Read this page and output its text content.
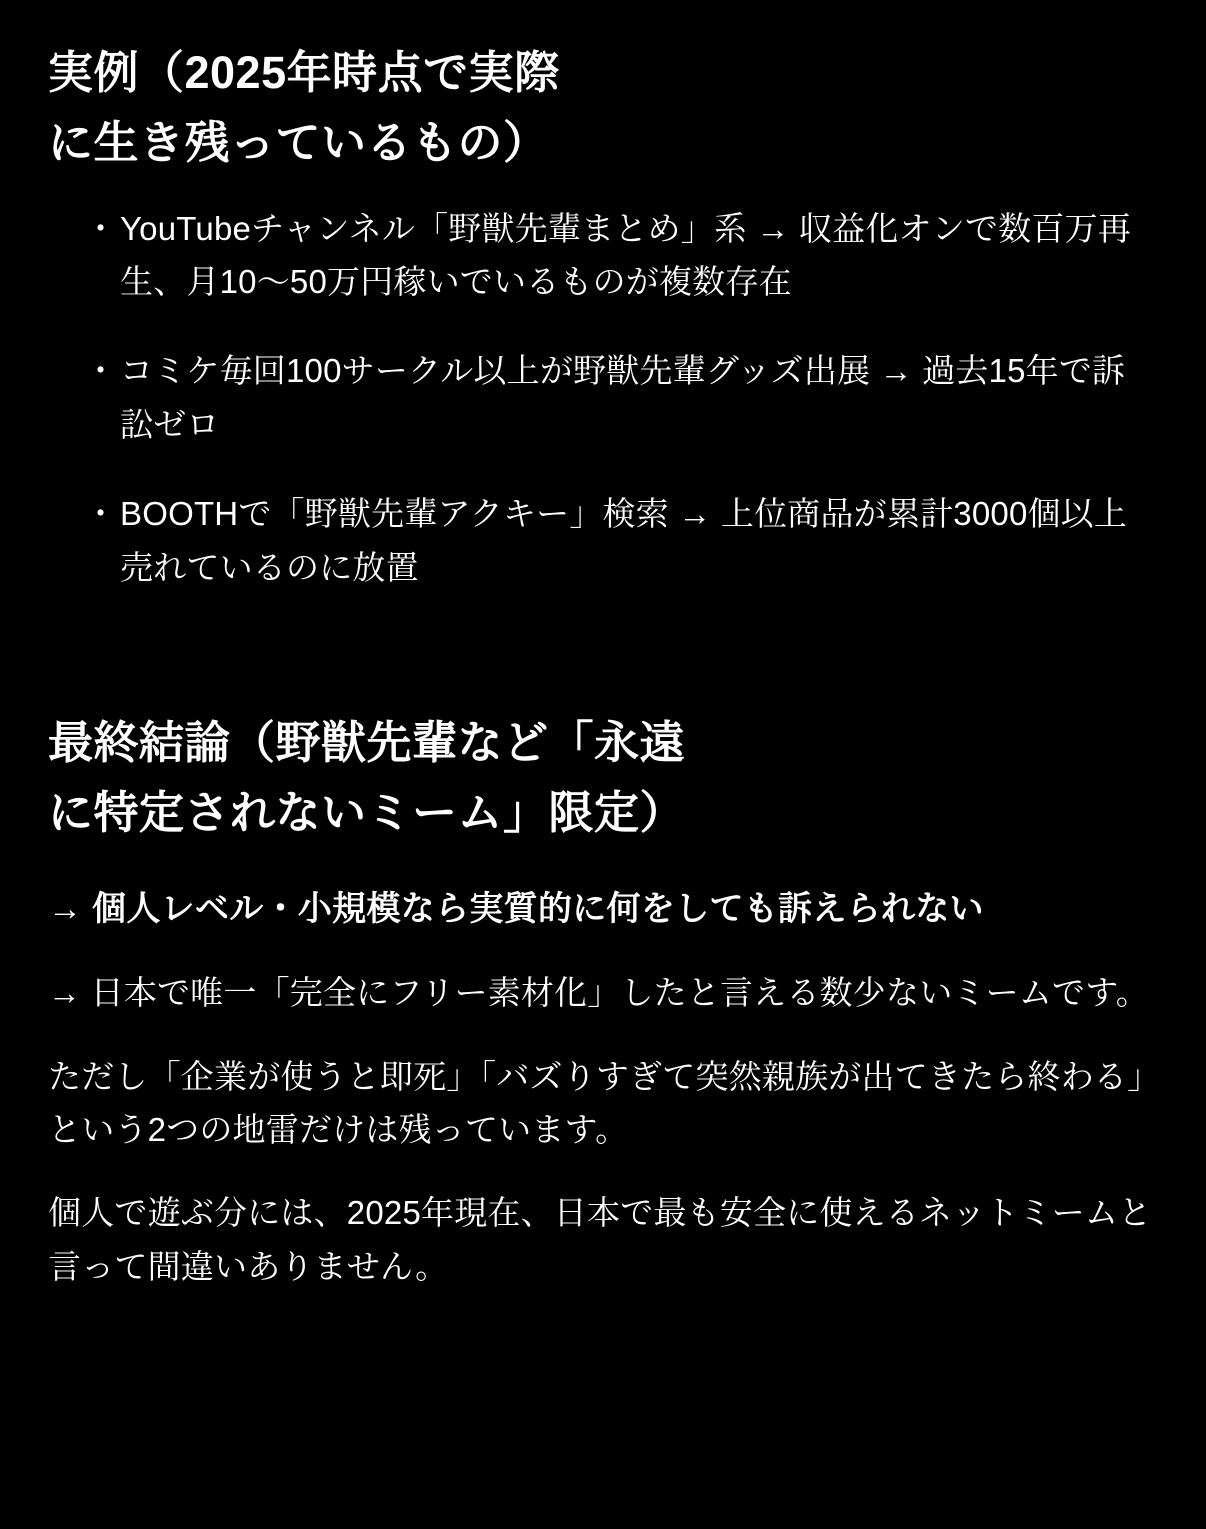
実例（2025年時点で実際
に生き残っているもの）
・ YouTubeチャンネル「野獣先輩まとめ」系 → 収益化オンで数百万再生、月10〜50万円稼いでいるものが複数存在
・ コミケ毎回100サークル以上が野獣先輩グッズ出展 → 過去15年で訴訟ゼロ
・ BOOTHで「野獣先輩アクキー」検索 → 上位商品が累計3000個以上売れているのに放置
最終結論（野獣先輩など「永遠
に特定されないミーム」限定）

→ 個人レベル・小規模なら実質的に何をしても訴えられない

→ 日本で唯一「完全にフリー素材化」したと言える数少ないミームです。

ただし「企業が使うと即死」「バズりすぎて突然親族が出てきたら終わる」という2つの地雷だけは残っています。

個人で遊ぶ分には、2025年現在、日本で最も安全に使えるネットミームと言って間違いありません。
